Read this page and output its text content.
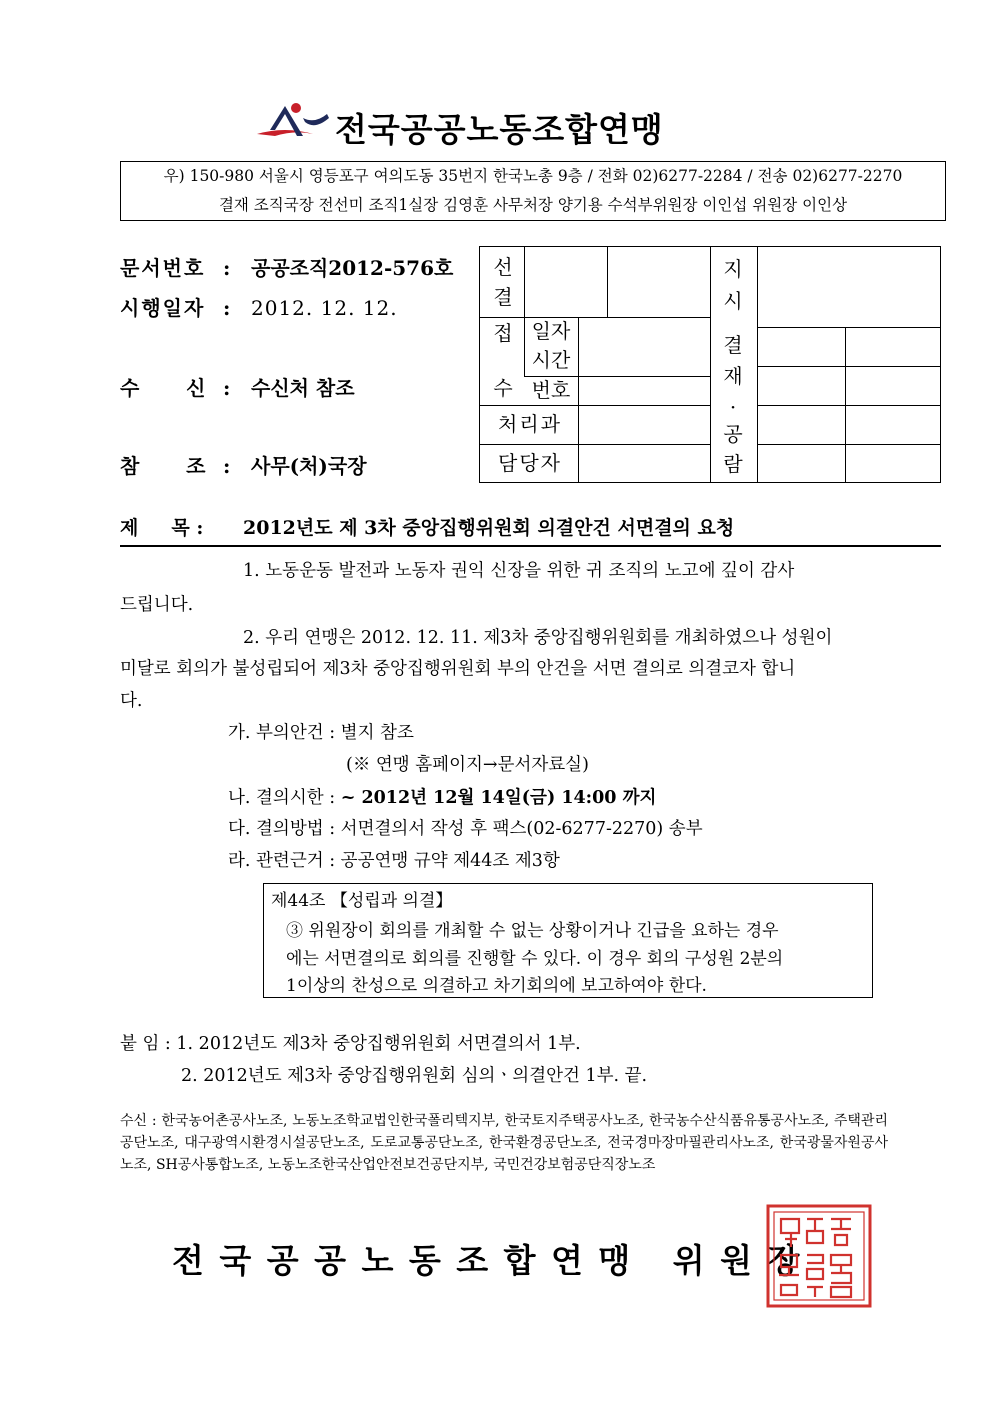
전국공공노동조합연맹
우) 150-980 서울시 영등포구 여의도동 35번지 한국노총 9층 / 전화 02)6277-2284 / 전송 02)6277-2270
결재 조직국장 전선미 조직1실장 김영훈 사무처장 양기용 수석부위원장 이인섭 위원장 이인상
문서번호 : 공공조직2012-576호
시행일자 : 2012. 12. 12.
수     신 : 수신처 참조
참     조 : 사무(처)국장
선
결
접
수
일자
시간
번호
처리과
담당자
지
시
결
재
·
공
람
제     목 : 2012년도 제 3차 중앙집행위원회 의결안건 서면결의 요청
1. 노동운동 발전과 노동자 권익 신장을 위한 귀 조직의 노고에 깊이 감사
드립니다.
2. 우리 연맹은 2012. 12. 11. 제3차 중앙집행위원회를 개최하였으나 성원이
미달로 회의가 불성립되어 제3차 중앙집행위원회 부의 안건을 서면 결의로 의결코자 합니
다.
가. 부의안건 : 별지 참조
(※ 연맹 홈페이지→문서자료실)
나. 결의시한 : ~ 2012년 12월 14일(금) 14:00 까지
다. 결의방법 : 서면결의서 작성 후 팩스(02-6277-2270) 송부
라. 관련근거 : 공공연맹 규약 제44조 제3항
제44조 【성립과 의결】
③ 위원장이 회의를 개최할 수 없는 상황이거나 긴급을 요하는 경우
에는 서면결의로 회의를 진행할 수 있다. 이 경우 회의 구성원 2분의
1이상의 찬성으로 의결하고 차기회의에 보고하여야 한다.
붙 임 : 1. 2012년도 제3차 중앙집행위원회 서면결의서 1부.
2. 2012년도 제3차 중앙집행위원회 심의ㆍ의결안건 1부. 끝.
수신 : 한국농어촌공사노조, 노동노조학교법인한국폴리텍지부, 한국토지주택공사노조, 한국농수산식품유통공사노조, 주택관리공단노조, 대구광역시환경시설공단노조, 도로교통공단노조, 한국환경공단노조, 전국경마장마필관리사노조, 한국광물자원공사노조, SH공사통합노조, 노동노조한국산업안전보건공단지부, 국민건강보험공단직장노조
전국공공노동조합연맹 위원장
